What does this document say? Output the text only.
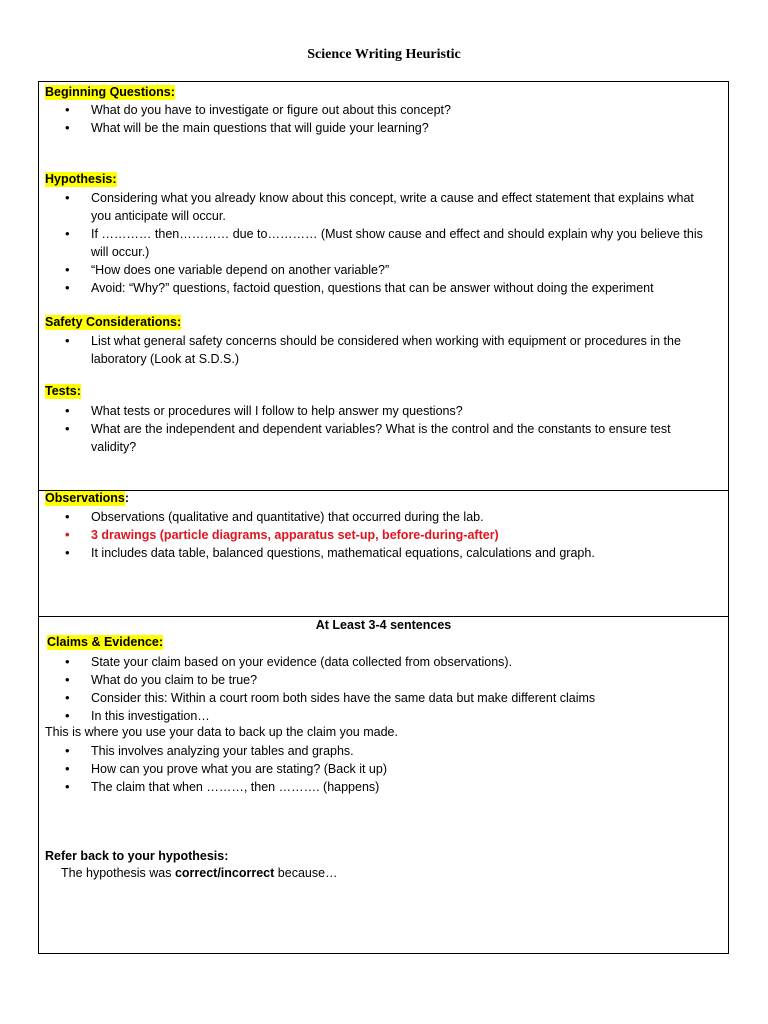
Science Writing Heuristic
Beginning Questions:
• What do you have to investigate or figure out about this concept?
• What will be the main questions that will guide your learning?
Hypothesis:
• Considering what you already know about this concept, write a cause and effect statement that explains what you anticipate will occur.
• If ………… then………… due to………… (Must show cause and effect and should explain why you believe this will occur.)
• “How does one variable depend on another variable?”
• Avoid: “Why?” questions, factoid question, questions that can be answer without doing the experiment
Safety Considerations:
• List what general safety concerns should be considered when working with equipment or procedures in the laboratory (Look at S.D.S.)
Tests:
• What tests or procedures will I follow to help answer my questions?
• What are the independent and dependent variables? What is the control and the constants to ensure test validity?
Observations:
• Observations (qualitative and quantitative) that occurred during the lab.
• 3 drawings (particle diagrams, apparatus set-up, before-during-after)
• It includes data table, balanced questions, mathematical equations, calculations and graph.
At Least 3-4 sentences
Claims & Evidence:
• State your claim based on your evidence (data collected from observations).
• What do you claim to be true?
• Consider this: Within a court room both sides have the same data but make different claims
• In this investigation…
This is where you use your data to back up the claim you made.
• This involves analyzing your tables and graphs.
• How can you prove what you are stating? (Back it up)
• The claim that when ………, then ………. (happens)
Refer back to your hypothesis:
The hypothesis was correct/incorrect because…
